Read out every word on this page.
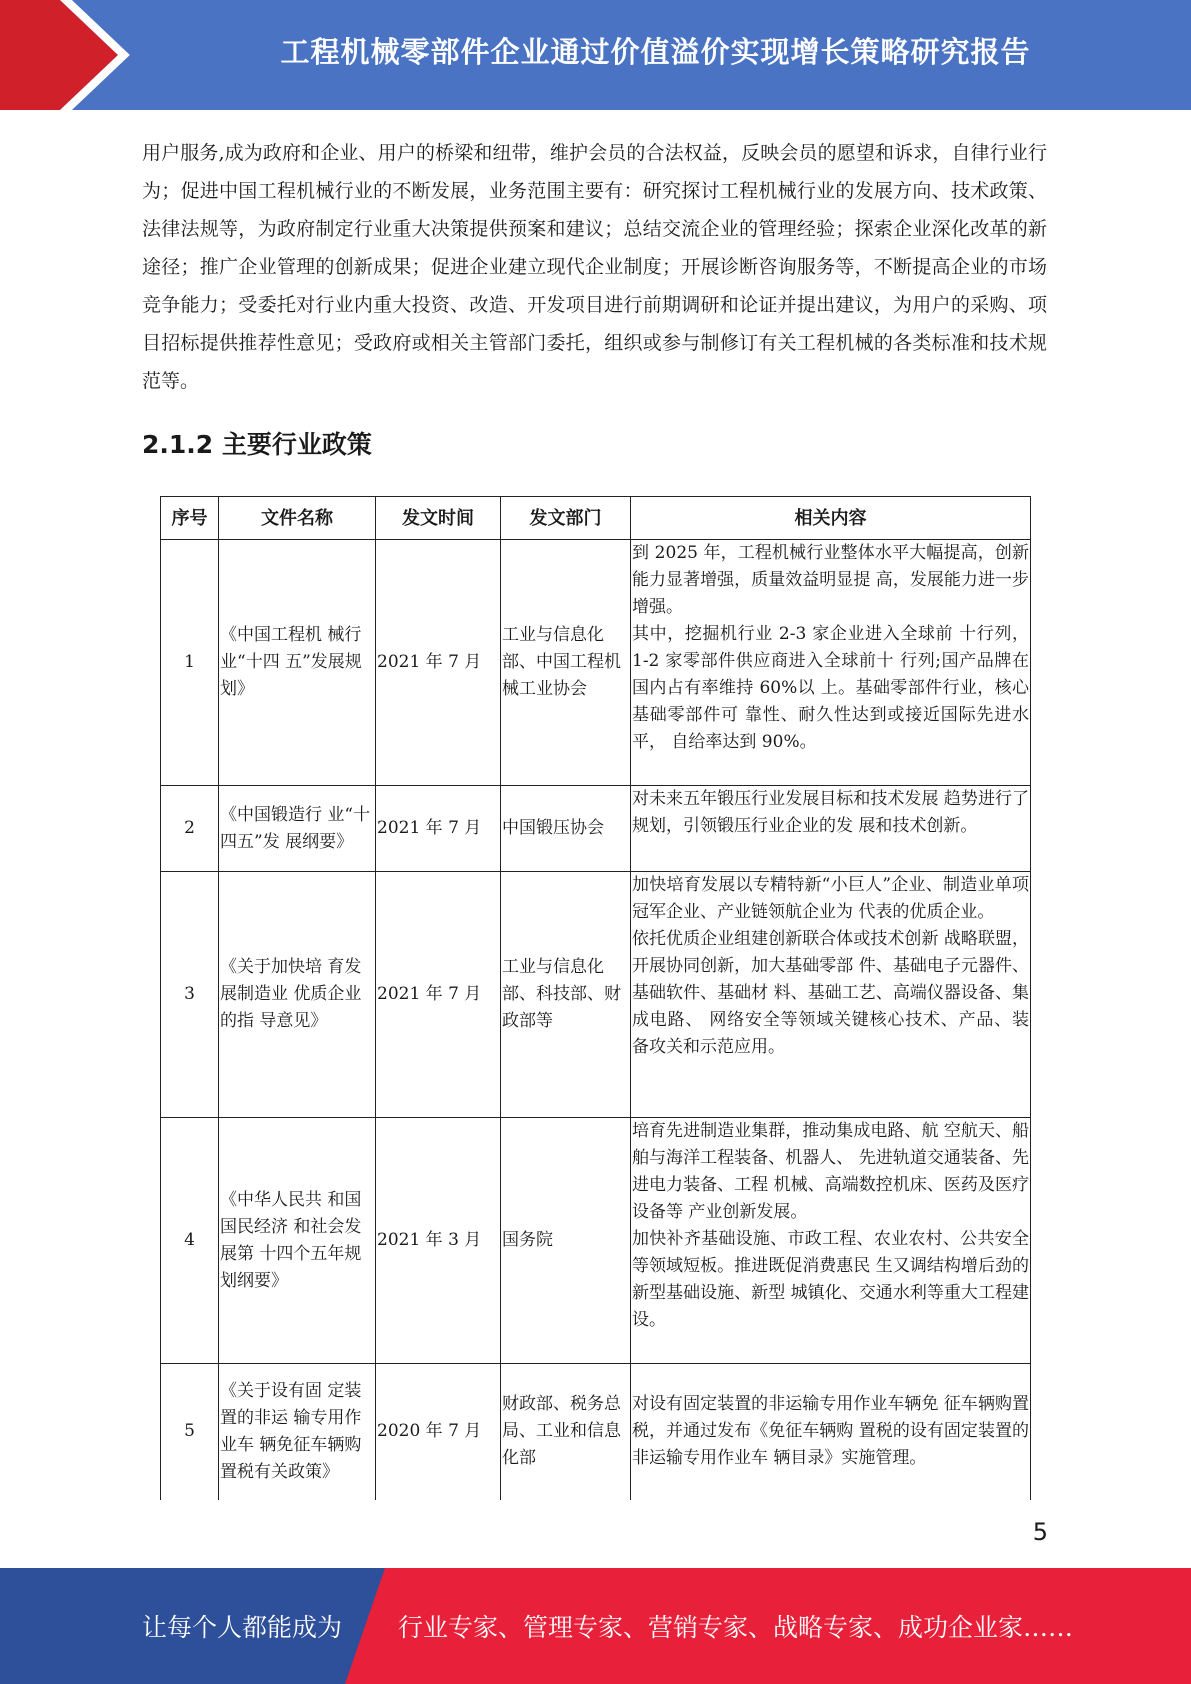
工程机械零部件企业通过价值溢价实现增长策略研究报告

用户服务,成为政府和企业、用户的桥梁和纽带，维护会员的合法权益，反映会员的愿望和诉求，自律行业行为；促进中国工程机械行业的不断发展，业务范围主要有：研究探讨工程机械行业的发展方向、技术政策、法律法规等，为政府制定行业重大决策提供预案和建议；总结交流企业的管理经验；探索企业深化改革的新途径；推广企业管理的创新成果；促进企业建立现代企业制度；开展诊断咨询服务等，不断提高企业的市场竞争能力；受委托对行业内重大投资、改造、开发项目进行前期调研和论证并提出建议，为用户的采购、项目招标提供推荐性意见；受政府或相关主管部门委托，组织或参与制修订有关工程机械的各类标准和技术规范等。

2.1.2 主要行业政策
序号	文件名称	发文时间	发文部门	相关内容
1	《中国工程机 械行业“十四 五”发展规划》	2021 年 7 月	工业与信息化部、中国工程机械工业协会	到 2025 年，工程机械行业整体水平大幅提高，创新能力显著增强，质量效益明显提 高，发展能力进一步增强。
其中，挖掘机行业 2-3 家企业进入全球前 十行列，1-2 家零部件供应商进入全球前十 行列;国产品牌在国内占有率维持 60%以 上。基础零部件行业，核心基础零部件可 靠性、耐久性达到或接近国际先进水平， 自给率达到 90%。

2	《中国锻造行 业“十四五”发 展纲要》	2021 年 7 月	中国锻压协会	对未来五年锻压行业发展目标和技术发展 趋势进行了规划，引领锻压行业企业的发 展和技术创新。

3	《关于加快培 育发展制造业 优质企业的指 导意见》	2021 年 7 月	工业与信息化部、科技部、财政部等	加快培育发展以专精特新“小巨人”企业、制造业单项冠军企业、产业链领航企业为 代表的优质企业。
依托优质企业组建创新联合体或技术创新 战略联盟，开展协同创新，加大基础零部 件、基础电子元器件、基础软件、基础材 料、基础工艺、高端仪器设备、集成电路、 网络安全等领域关键核心技术、产品、装 备攻关和示范应用。

4	《中华人民共 和国国民经济 和社会发展第 十四个五年规 划纲要》	2021 年 3 月	国务院	培育先进制造业集群，推动集成电路、航 空航天、船舶与海洋工程装备、机器人、 先进轨道交通装备、先进电力装备、工程 机械、高端数控机床、医药及医疗设备等 产业创新发展。
加快补齐基础设施、市政工程、农业农村、公共安全等领域短板。推进既促消费惠民 生又调结构增后劲的新型基础设施、新型 城镇化、交通水利等重大工程建设。

5	《关于设有固 定装置的非运 输专用作业车 辆免征车辆购 置税有关政策》	2020 年 7 月	财政部、税务总局、工业和信息化部	对设有固定装置的非运输专用作业车辆免 征车辆购置税，并通过发布《免征车辆购 置税的设有固定装置的非运输专用作业车 辆目录》实施管理。
5
让每个人都能成为 行业专家、管理专家、营销专家、战略专家、成功企业家……
